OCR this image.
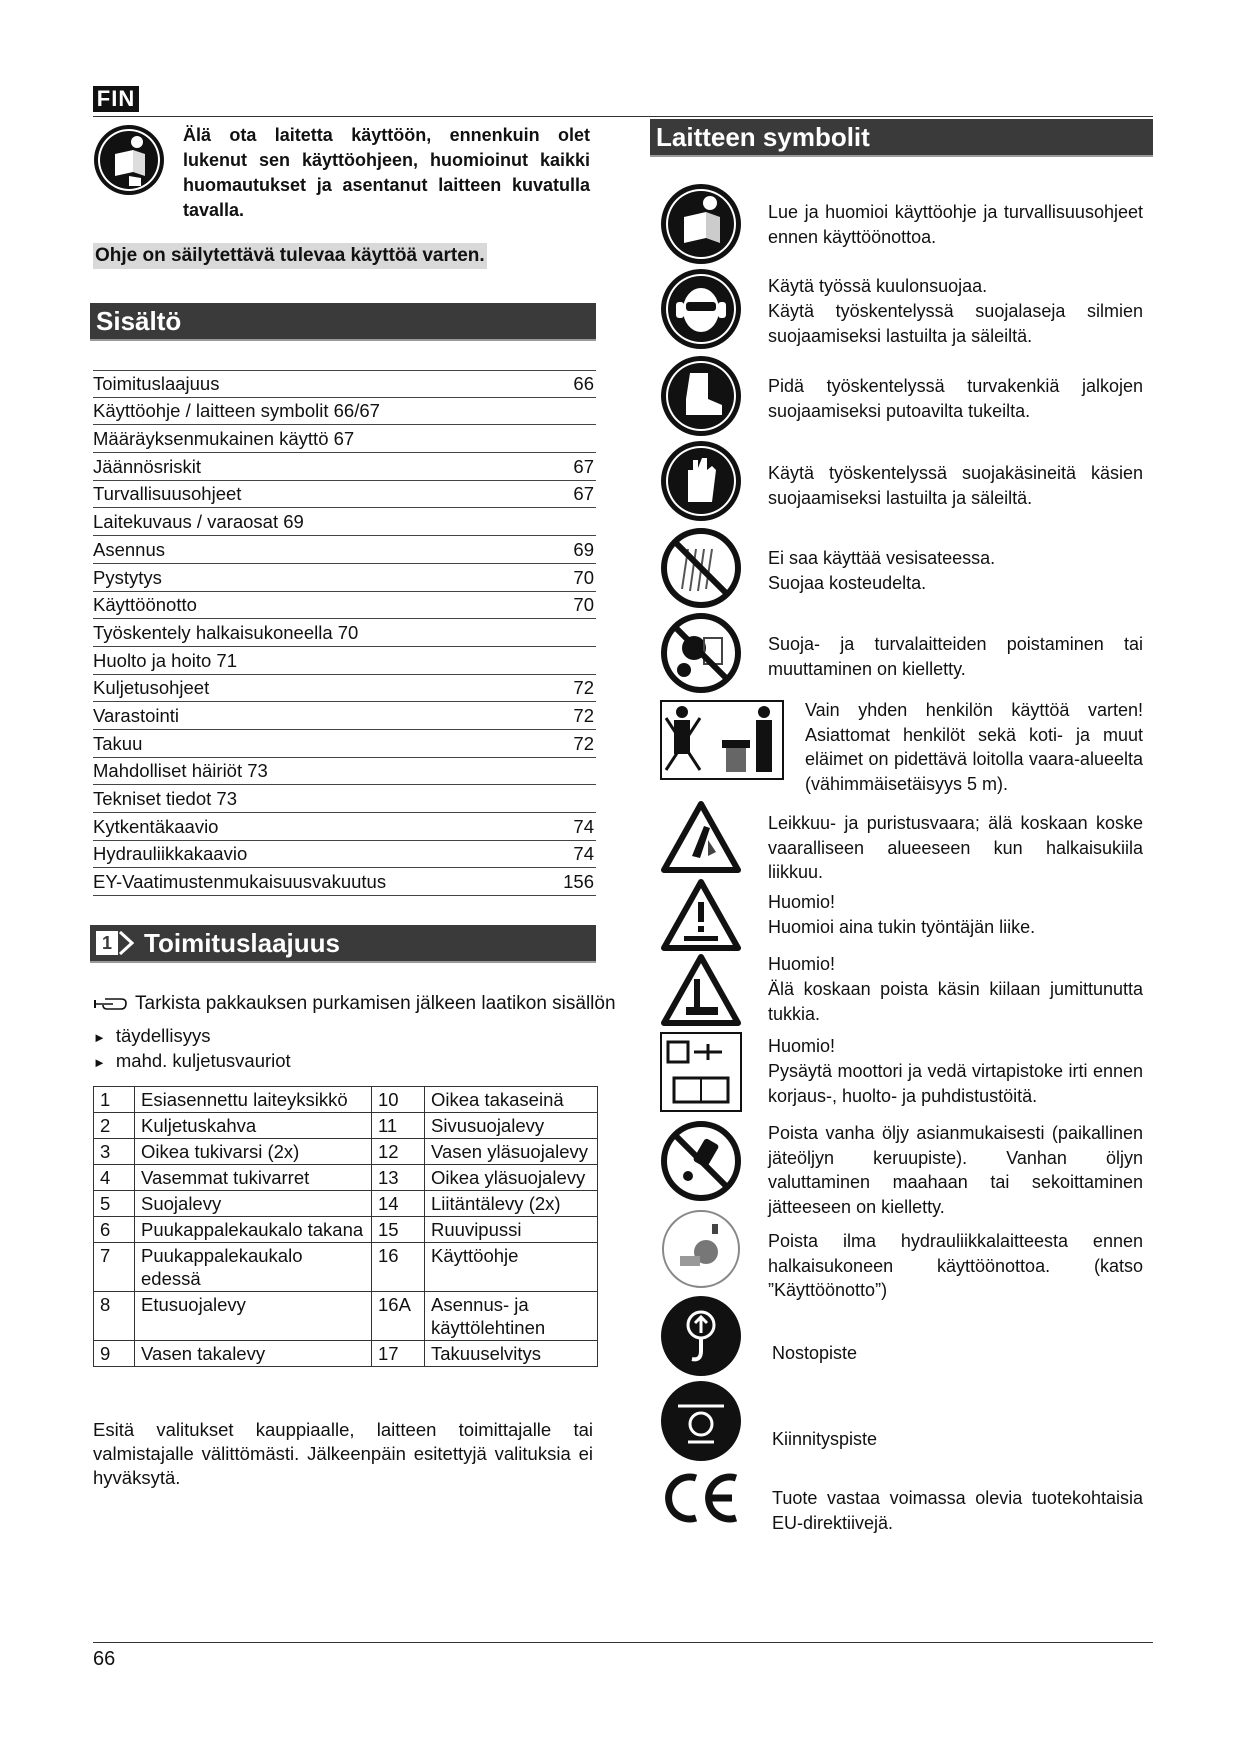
FIN
Älä ota laitetta käyttöön, ennenkuin olet lukenut sen käyttöohjeen, huomioinut kaikki huomautukset ja asentanut laitteen kuvatulla tavalla.
Ohje on säilytettävä tulevaa käyttöä varten.
Sisältö
Toimituslaajuus	66
Käyttöohje / laitteen symbolit 66/67
Määräyksenmukainen käyttö 67
Jäännösriskit	67
Turvallisuusohjeet	67
Laitekuvaus / varaosat 69
Asennus	69
Pystytys	70
Käyttöönotto	70
Työskentely halkaisukoneella 70
Huolto ja hoito 71
Kuljetusohjeet	72
Varastointi	72
Takuu	72
Mahdolliset häiriöt 73
Tekniset tiedot 73
Kytkentäkaavio	74
Hydrauliikkakaavio	74
EY-Vaatimustenmukaisuusvakuutus	156
1 Toimituslaajuus
Tarkista pakkauksen purkamisen jälkeen laatikon sisällön
► täydellisyys
► mahd. kuljetusvauriot
1	Esiasennettu laiteyksikkö	10	Oikea takaseinä
2	Kuljetuskahva	11	Sivusuojalevy
3	Oikea tukivarsi (2x)	12	Vasen yläsuojalevy
4	Vasemmat tukivarret	13	Oikea yläsuojalevy
5	Suojalevy	14	Liitäntälevy (2x)
6	Puukappalekaukalo takana	15	Ruuvipussi
7	Puukappalekaukalo edessä	16	Käyttöohje
8	Etusuojalevy	16A	Asennus- ja käyttölehtinen
9	Vasen takalevy	17	Takuuselvitys
Esitä valitukset kauppiaalle, laitteen toimittajalle tai valmistajalle välittömästi. Jälkeenpäin esitettyjä valituksia ei hyväksytä.
Laitteen symbolit
Lue ja huomioi käyttöohje ja turvallisuusohjeet ennen käyttöönottoa.
Käytä työssä kuulonsuojaa.
Käytä työskentelyssä suojalaseja silmien suojaamiseksi lastuilta ja säleiltä.
Pidä työskentelyssä turvakenkiä jalkojen suojaamiseksi putoavilta tukeilta.
Käytä työskentelyssä suojakäsineitä käsien suojaamiseksi lastuilta ja säleiltä.
Ei saa käyttää vesisateessa.
Suojaa kosteudelta.
Suoja- ja turvalaitteiden poistaminen tai muuttaminen on kielletty.
Vain yhden henkilön käyttöä varten! Asiattomat henkilöt sekä koti- ja muut eläimet on pidettävä loitolla vaara-alueelta (vähimmäisetäisyys 5 m).
Leikkuu- ja puristusvaara; älä koskaan koske vaaralliseen alueeseen kun halkaisukiila liikkuu.
Huomio!
Huomioi aina tukin työntäjän liike.
Huomio!
Älä koskaan poista käsin kiilaan jumittunutta tukkia.
Huomio!
Pysäytä moottori ja vedä virtapistoke irti ennen korjaus-, huolto- ja puhdistustöitä.
Poista vanha öljy asianmukaisesti (paikallinen jäteöljyn keruupiste). Vanhan öljyn valuttaminen maahaan tai sekoittaminen jätteeseen on kielletty.
Poista ilma hydrauliikkalaitteesta ennen halkaisukoneen käyttöönottoa. (katso ”Käyttöönotto”)
Nostopiste
Kiinnityspiste
Tuote vastaa voimassa olevia tuotekohtaisia EU-direktiivejä.
66
